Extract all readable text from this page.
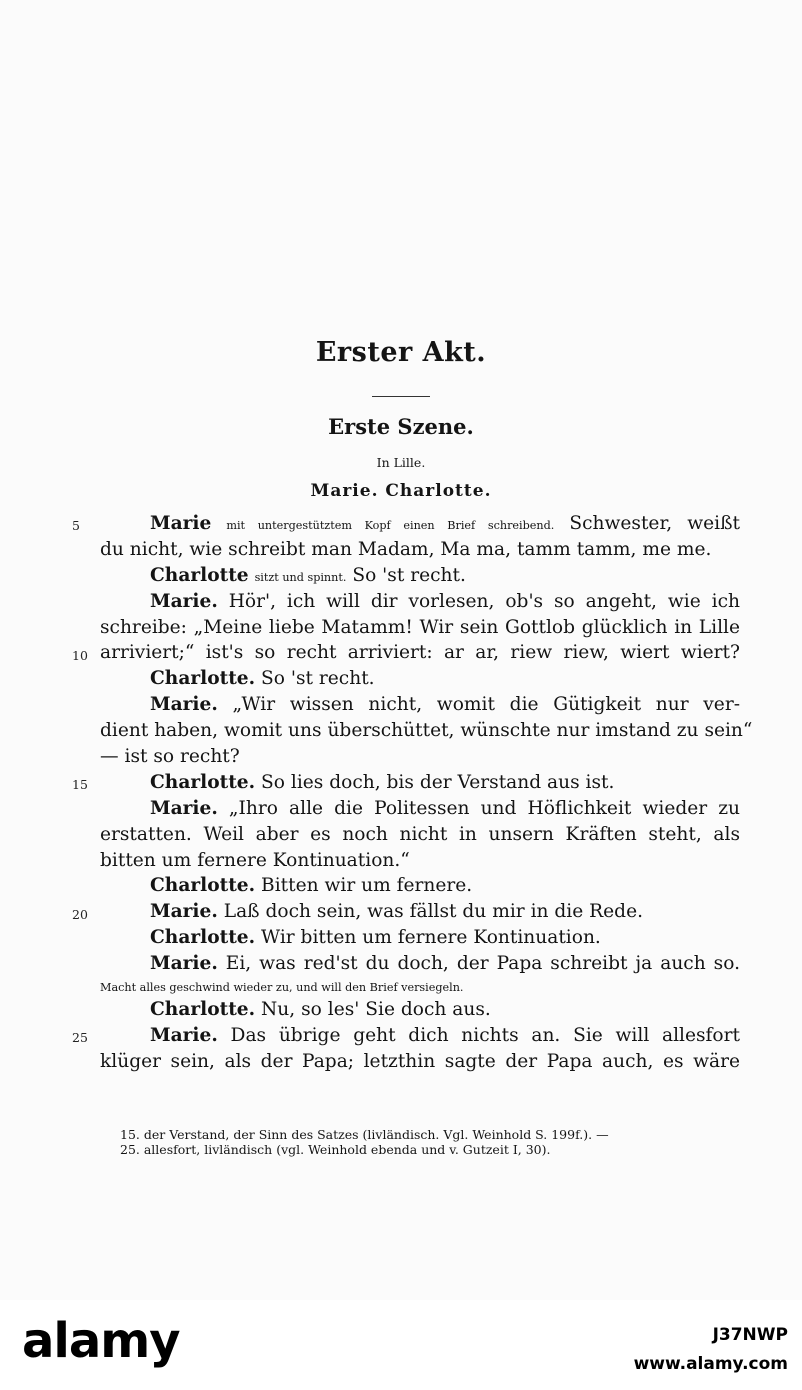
Erster Akt.
Erste Szene.
In Lille.
Marie. Charlotte.
Marie mit untergestütztem Kopf einen Brief schreibend. Schwester, weißt
du nicht, wie schreibt man Madam, Ma ma, tamm tamm, me me.
Charlotte sitzt und spinnt. So 'st recht.
Marie. Hör', ich will dir vorlesen, ob's so angeht, wie ich
schreibe: „Meine liebe Matamm! Wir sein Gottlob glücklich in Lille
arriviert;“ ist's so recht arriviert: ar ar, riew riew, wiert wiert?
Charlotte. So 'st recht.
Marie. „Wir wissen nicht, womit die Gütigkeit nur ver-
dient haben, womit uns überschüttet, wünschte nur imstand zu sein“
— ist so recht?
Charlotte. So lies doch, bis der Verstand aus ist.
Marie. „Ihro alle die Politessen und Höflichkeit wieder zu
erstatten. Weil aber es noch nicht in unsern Kräften steht, als
bitten um fernere Kontinuation.“
Charlotte. Bitten wir um fernere.
Marie. Laß doch sein, was fällst du mir in die Rede.
Charlotte. Wir bitten um fernere Kontinuation.
Marie. Ei, was red'st du doch, der Papa schreibt ja auch so.
Macht alles geschwind wieder zu, und will den Brief versiegeln.
Charlotte. Nu, so les' Sie doch aus.
Marie. Das übrige geht dich nichts an. Sie will allesfort
klüger sein, als der Papa; letzthin sagte der Papa auch, es wäre
5
10
15
20
25
15. der Verstand, der Sinn des Satzes (livländisch. Vgl. Weinhold S. 199f.). —
25. allesfort, livländisch (vgl. Weinhold ebenda und v. Gutzeit I, 30).
alamy	J37NWP
www.alamy.com
